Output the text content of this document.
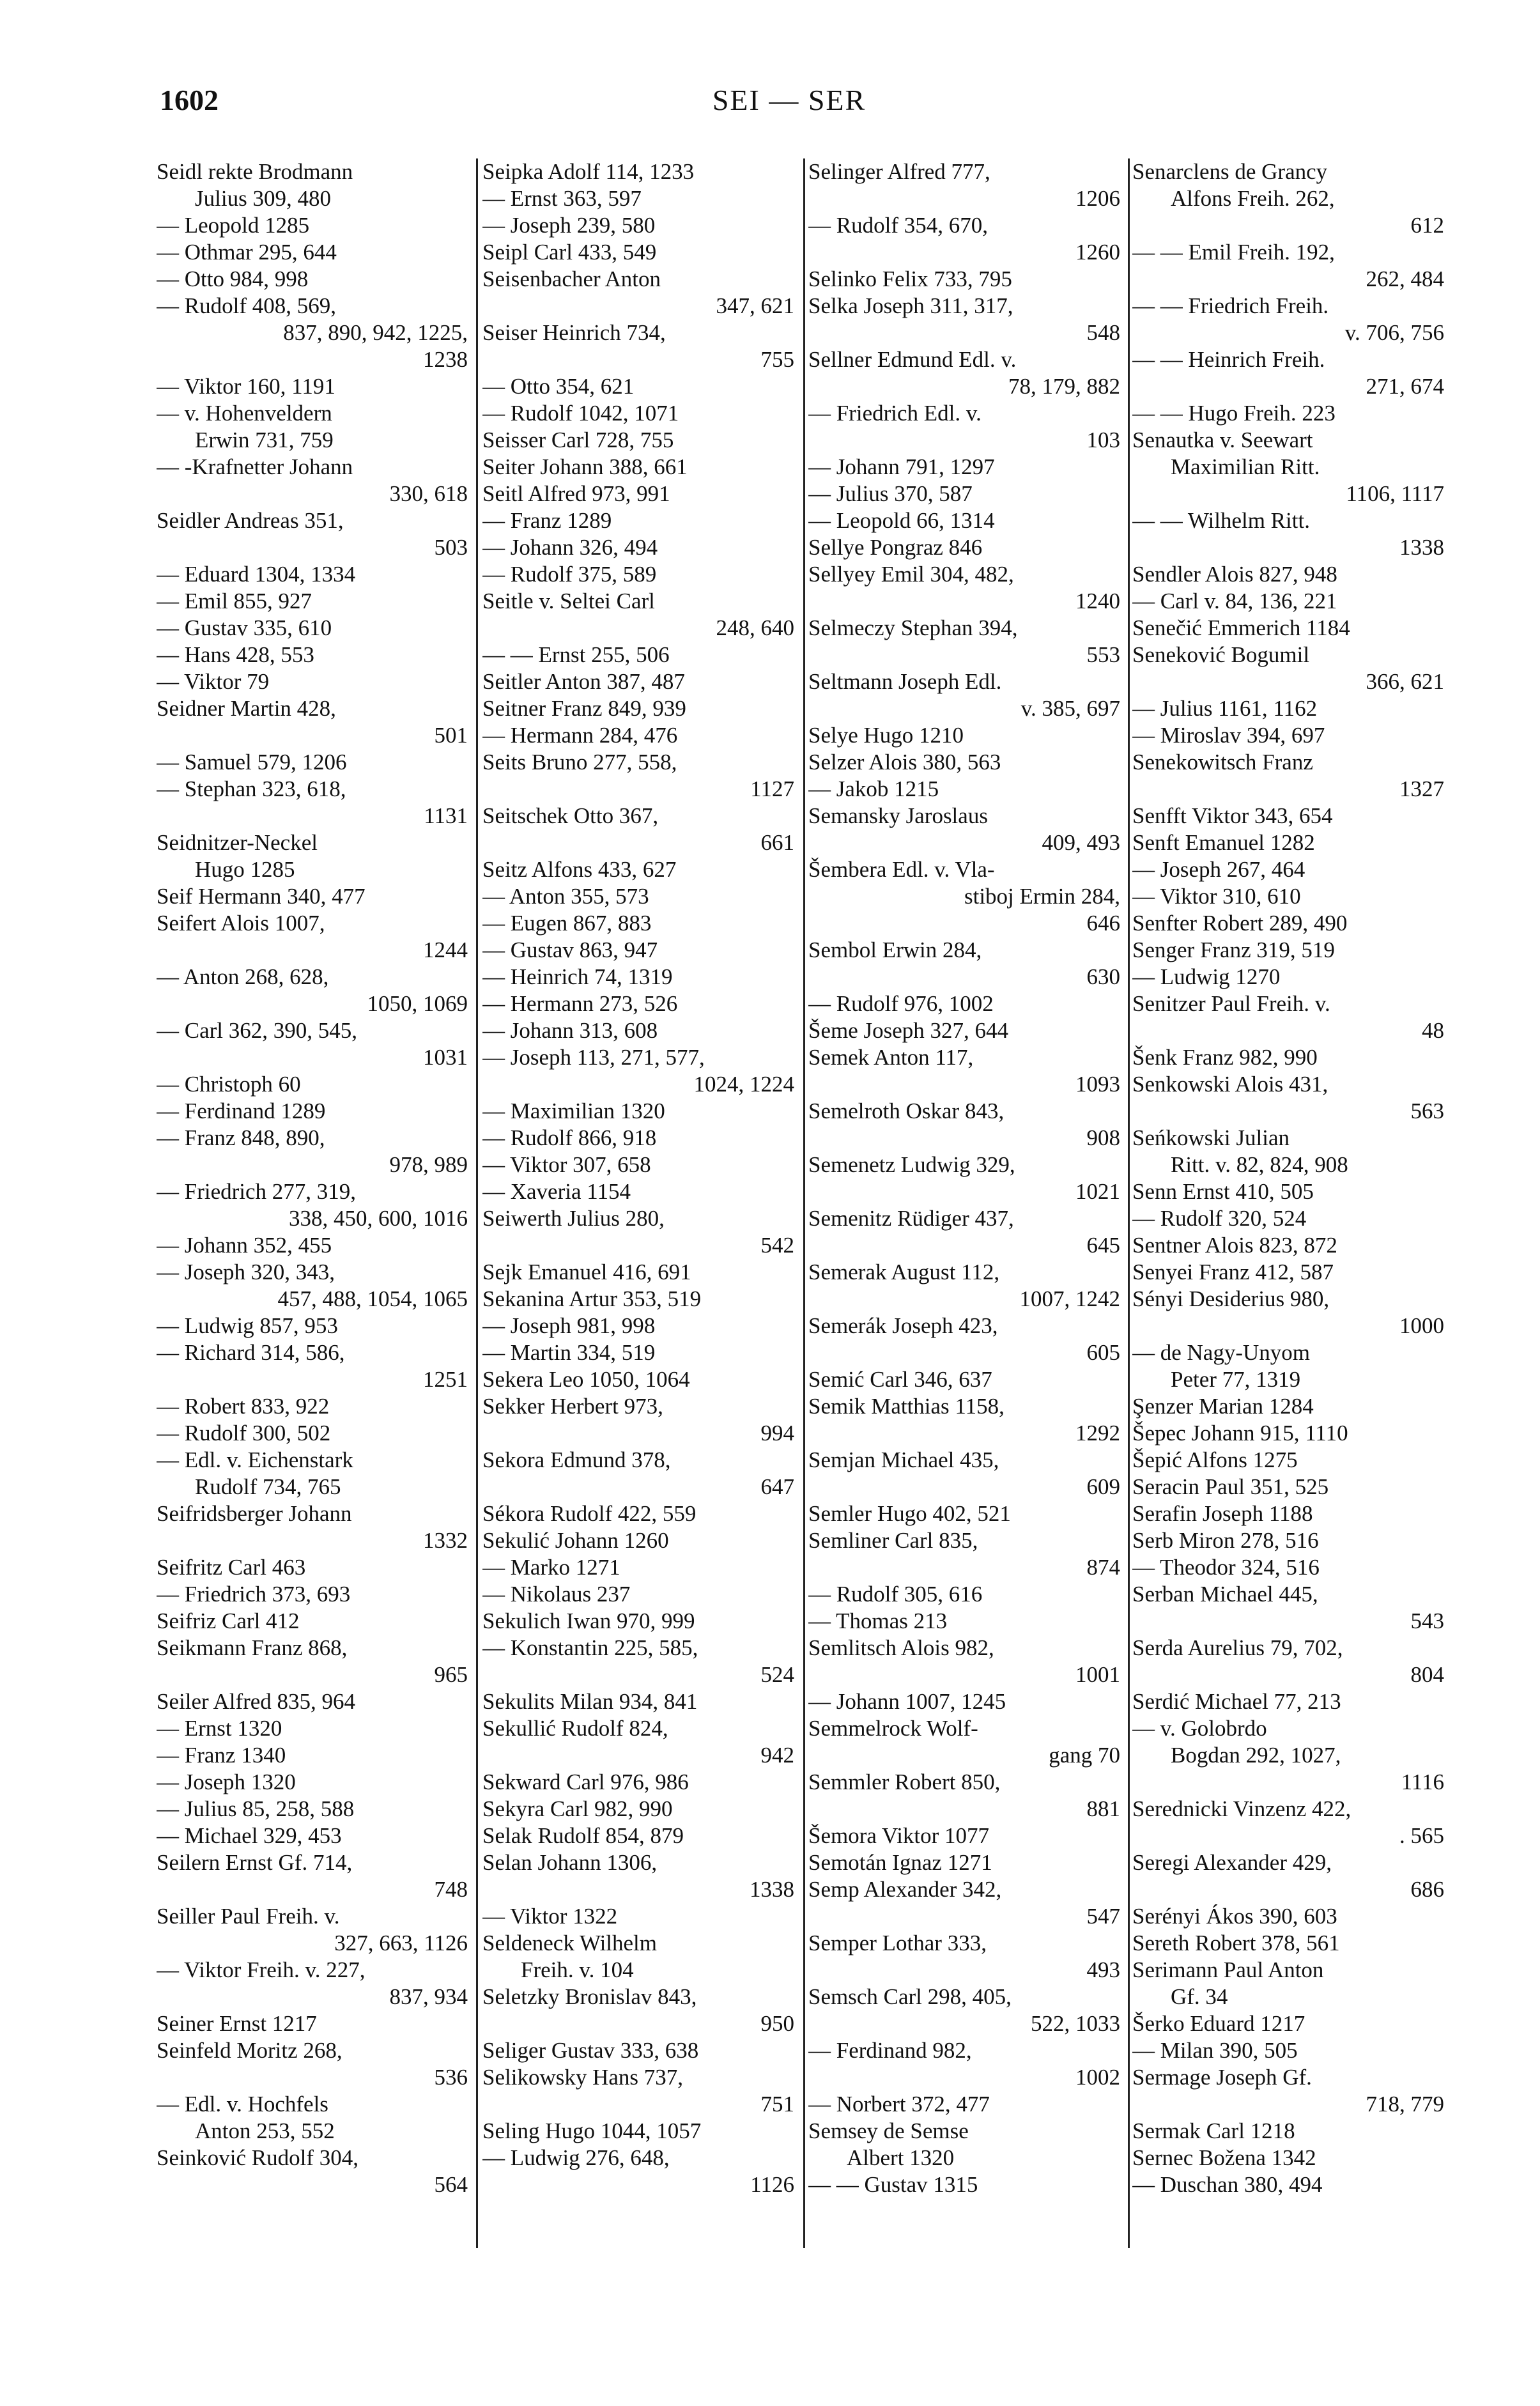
1602	SEI — SER
Seidl rekte Brodmann
Julius 309, 480
— Leopold 1285
— Othmar 295, 644
— Otto 984, 998
— Rudolf 408, 569,
837, 890, 942, 1225,
1238
— Viktor 160, 1191
— v. Hohenveldern
Erwin 731, 759
— -Krafnetter Johann
330, 618
Seidler Andreas 351,
503
— Eduard 1304, 1334
— Emil 855, 927
— Gustav 335, 610
— Hans 428, 553
— Viktor 79
Seidner Martin 428,
501
— Samuel 579, 1206
— Stephan 323, 618,
1131
Seidnitzer-Neckel
Hugo 1285
Seif Hermann 340, 477
Seifert Alois 1007,
1244
— Anton 268, 628,
1050, 1069
— Carl 362, 390, 545,
1031
— Christoph 60
— Ferdinand 1289
— Franz 848, 890,
978, 989
— Friedrich 277, 319,
338, 450, 600, 1016
— Johann 352, 455
— Joseph 320, 343,
457, 488, 1054, 1065
— Ludwig 857, 953
— Richard 314, 586,
1251
— Robert 833, 922
— Rudolf 300, 502
— Edl. v. Eichenstark
Rudolf 734, 765
Seifridsberger Johann
1332
Seifritz Carl 463
— Friedrich 373, 693
Seifriz Carl 412
Seikmann Franz 868,
965
Seiler Alfred 835, 964
— Ernst 1320
— Franz 1340
— Joseph 1320
— Julius 85, 258, 588
— Michael 329, 453
Seilern Ernst Gf. 714,
748
Seiller Paul Freih. v.
327, 663, 1126
— Viktor Freih. v. 227,
837, 934
Seiner Ernst 1217
Seinfeld Moritz 268,
536
— Edl. v. Hochfels
Anton 253, 552
Seinković Rudolf 304,
564
Seipka Adolf 114, 1233
— Ernst 363, 597
— Joseph 239, 580
Seipl Carl 433, 549
Seisenbacher Anton
347, 621
Seiser Heinrich 734,
755
— Otto 354, 621
— Rudolf 1042, 1071
Seisser Carl 728, 755
Seiter Johann 388, 661
Seitl Alfred 973, 991
— Franz 1289
— Johann 326, 494
— Rudolf 375, 589
Seitle v. Seltei Carl
248, 640
— — Ernst 255, 506
Seitler Anton 387, 487
Seitner Franz 849, 939
— Hermann 284, 476
Seits Bruno 277, 558,
1127
Seitschek Otto 367,
661
Seitz Alfons 433, 627
— Anton 355, 573
— Eugen 867, 883
— Gustav 863, 947
— Heinrich 74, 1319
— Hermann 273, 526
— Johann 313, 608
— Joseph 113, 271, 577,
1024, 1224
— Maximilian 1320
— Rudolf 866, 918
— Viktor 307, 658
— Xaveria 1154
Seiwerth Julius 280,
542
Sejk Emanuel 416, 691
Sekanina Artur 353, 519
— Joseph 981, 998
— Martin 334, 519
Sekera Leo 1050, 1064
Sekker Herbert 973,
994
Sekora Edmund 378,
647
Sékora Rudolf 422, 559
Sekulić Johann 1260
— Marko 1271
— Nikolaus 237
Sekulich Iwan 970, 999
— Konstantin 225, 585,
524
Sekulits Milan 934, 841
Sekullić Rudolf 824,
942
Sekward Carl 976, 986
Sekyra Carl 982, 990
Selak Rudolf 854, 879
Selan Johann 1306,
1338
— Viktor 1322
Seldeneck Wilhelm
Freih. v. 104
Seletzky Bronislav 843,
950
Seliger Gustav 333, 638
Selikowsky Hans 737,
751
Seling Hugo 1044, 1057
— Ludwig 276, 648,
1126
Selinger Alfred 777,
1206
— Rudolf 354, 670,
1260
Selinko Felix 733, 795
Selka Joseph 311, 317,
548
Sellner Edmund Edl. v.
78, 179, 882
— Friedrich Edl. v.
103
— Johann 791, 1297
— Julius 370, 587
— Leopold 66, 1314
Sellye Pongraz 846
Sellyey Emil 304, 482,
1240
Selmeczy Stephan 394,
553
Seltmann Joseph Edl.
v. 385, 697
Selye Hugo 1210
Selzer Alois 380, 563
— Jakob 1215
Semansky Jaroslaus
409, 493
Šembera Edl. v. Vla-
stiboj Ermin 284,
646
Sembol Erwin 284,
630
— Rudolf 976, 1002
Šeme Joseph 327, 644
Semek Anton 117,
1093
Semelroth Oskar 843,
908
Semenetz Ludwig 329,
1021
Semenitz Rüdiger 437,
645
Semerak August 112,
1007, 1242
Semerák Joseph 423,
605
Semić Carl 346, 637
Semik Matthias 1158,
1292
Semjan Michael 435,
609
Semler Hugo 402, 521
Semliner Carl 835,
874
— Rudolf 305, 616
— Thomas 213
Semlitsch Alois 982,
1001
— Johann 1007, 1245
Semmelrock Wolf-
gang 70
Semmler Robert 850,
881
Šemora Viktor 1077
Semotán Ignaz 1271
Semp Alexander 342,
547
Semper Lothar 333,
493
Semsch Carl 298, 405,
522, 1033
— Ferdinand 982,
1002
— Norbert 372, 477
Semsey de Semse
Albert 1320
— — Gustav 1315
Senarclens de Grancy
Alfons Freih. 262,
612
— — Emil Freih. 192,
262, 484
— — Friedrich Freih.
v. 706, 756
— — Heinrich Freih.
271, 674
— — Hugo Freih. 223
Senautka v. Seewart
Maximilian Ritt.
1106, 1117
— — Wilhelm Ritt.
1338
Sendler Alois 827, 948
— Carl v. 84, 136, 221
Senečić Emmerich 1184
Seneković Bogumil
366, 621
— Julius 1161, 1162
— Miroslav 394, 697
Senekowitsch Franz
1327
Senfft Viktor 343, 654
Senft Emanuel 1282
— Joseph 267, 464
— Viktor 310, 610
Senfter Robert 289, 490
Senger Franz 319, 519
— Ludwig 1270
Senitzer Paul Freih. v.
48
Šenk Franz 982, 990
Senkowski Alois 431,
563
Seńkowski Julian
Ritt. v. 82, 824, 908
Senn Ernst 410, 505
— Rudolf 320, 524
Sentner Alois 823, 872
Senyei Franz 412, 587
Sényi Desiderius 980,
1000
— de Nagy-Unyom
Peter 77, 1319
Şenzer Marian 1284
Šepec Johann 915, 1110
Šepić Alfons 1275
Seracin Paul 351, 525
Serafin Joseph 1188
Serb Miron 278, 516
— Theodor 324, 516
Serban Michael 445,
543
Serda Aurelius 79, 702,
804
Serdić Michael 77, 213
— v. Golobrdo
Bogdan 292, 1027,
1116
Serednicki Vinzenz 422,
. 565
Seregi Alexander 429,
686
Serényi Ákos 390, 603
Sereth Robert 378, 561
Serimann Paul Anton
Gf. 34
Šerko Eduard 1217
— Milan 390, 505
Sermage Joseph Gf.
718, 779
Sermak Carl 1218
Sernec Božena 1342
— Duschan 380, 494
